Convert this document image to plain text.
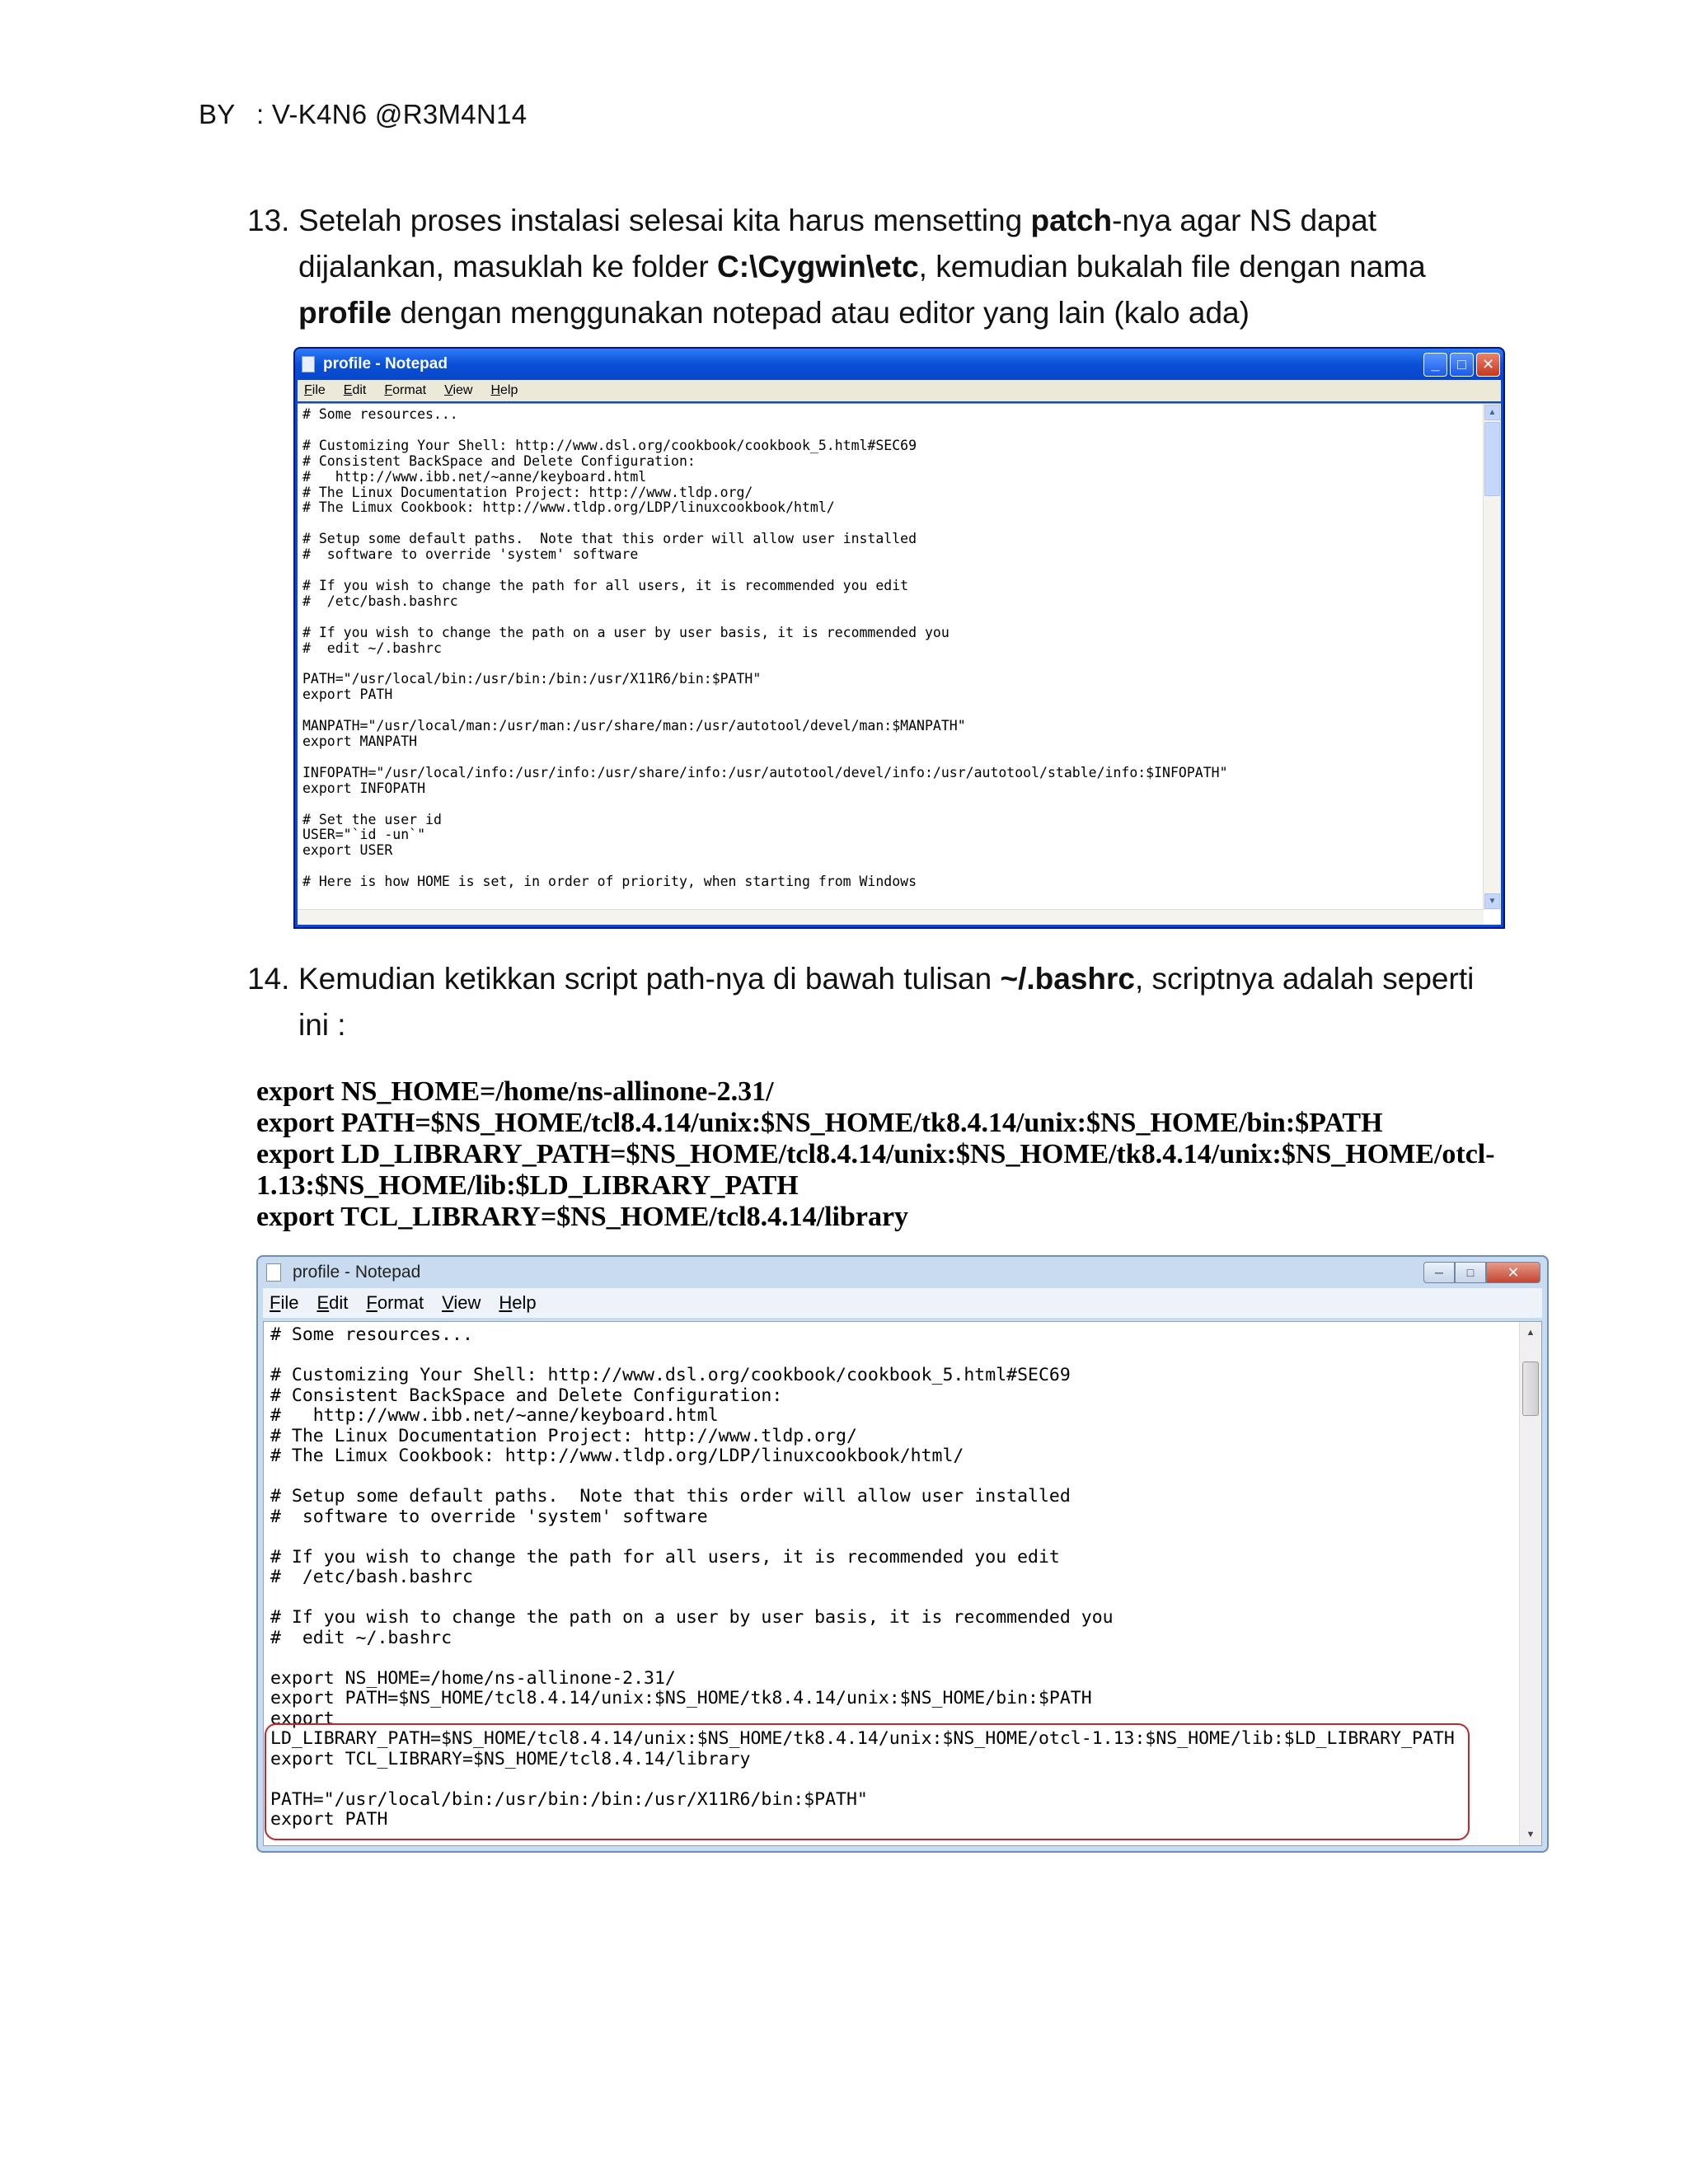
BY : V-K4N6 @R3M4N14
13. Setelah proses instalasi selesai kita harus mensetting patch-nya agar NS dapat
dijalankan, masuklah ke folder C:\Cygwin\etc, kemudian bukalah file dengan nama
profile dengan menggunakan notepad atau editor yang lain (kalo ada)
profile - Notepad	_	□	✕
File Edit Format View Help
# Some resources...

# Customizing Your Shell: http://www.dsl.org/cookbook/cookbook_5.html#SEC69
# Consistent BackSpace and Delete Configuration:
#   http://www.ibb.net/~anne/keyboard.html
# The Linux Documentation Project: http://www.tldp.org/
# The Limux Cookbook: http://www.tldp.org/LDP/linuxcookbook/html/

# Setup some default paths.  Note that this order will allow user installed
#  software to override 'system' software

# If you wish to change the path for all users, it is recommended you edit
#  /etc/bash.bashrc

# If you wish to change the path on a user by user basis, it is recommended you
#  edit ~/.bashrc

PATH="/usr/local/bin:/usr/bin:/bin:/usr/X11R6/bin:$PATH"
export PATH

MANPATH="/usr/local/man:/usr/man:/usr/share/man:/usr/autotool/devel/man:$MANPATH"
export MANPATH

INFOPATH="/usr/local/info:/usr/info:/usr/share/info:/usr/autotool/devel/info:/usr/autotool/stable/info:$INFOPATH"
export INFOPATH

# Set the user id
USER="`id -un`"
export USER

# Here is how HOME is set, in order of priority, when starting from Windows
▲
▼
14. Kemudian ketikkan script path-nya di bawah tulisan ~/.bashrc, scriptnya adalah seperti
ini :
export NS_HOME=/home/ns-allinone-2.31/
export PATH=$NS_HOME/tcl8.4.14/unix:$NS_HOME/tk8.4.14/unix:$NS_HOME/bin:$PATH
export LD_LIBRARY_PATH=$NS_HOME/tcl8.4.14/unix:$NS_HOME/tk8.4.14/unix:$NS_HOME/otcl-
1.13:$NS_HOME/lib:$LD_LIBRARY_PATH
export TCL_LIBRARY=$NS_HOME/tcl8.4.14/library
profile - Notepad	─	□	✕
File Edit Format View Help
# Some resources...

# Customizing Your Shell: http://www.dsl.org/cookbook/cookbook_5.html#SEC69
# Consistent BackSpace and Delete Configuration:
#   http://www.ibb.net/~anne/keyboard.html
# The Linux Documentation Project: http://www.tldp.org/
# The Limux Cookbook: http://www.tldp.org/LDP/linuxcookbook/html/

# Setup some default paths.  Note that this order will allow user installed
#  software to override 'system' software

# If you wish to change the path for all users, it is recommended you edit
#  /etc/bash.bashrc

# If you wish to change the path on a user by user basis, it is recommended you
#  edit ~/.bashrc

export NS_HOME=/home/ns-allinone-2.31/
export PATH=$NS_HOME/tcl8.4.14/unix:$NS_HOME/tk8.4.14/unix:$NS_HOME/bin:$PATH
export
LD_LIBRARY_PATH=$NS_HOME/tcl8.4.14/unix:$NS_HOME/tk8.4.14/unix:$NS_HOME/otcl-1.13:$NS_HOME/lib:$LD_LIBRARY_PATH
export TCL_LIBRARY=$NS_HOME/tcl8.4.14/library

PATH="/usr/local/bin:/usr/bin:/bin:/usr/X11R6/bin:$PATH"
export PATH
▲
▼
